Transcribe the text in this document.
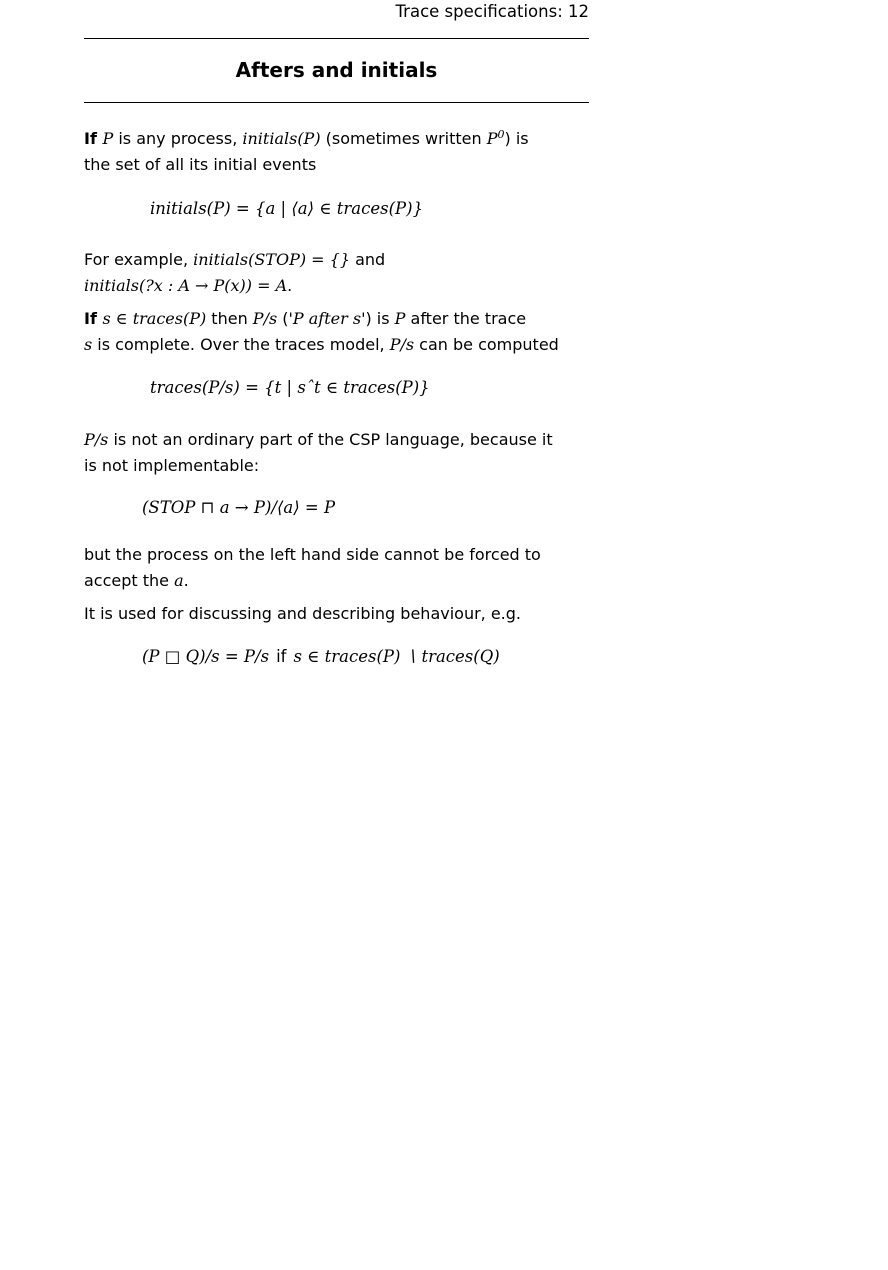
Trace specifications: 12
Afters and initials
If P is any process, initials(P) (sometimes written $P^0$) is
the set of all its initial events
initials(P) = {a | ⟨a⟩ ∈ traces(P)}
For example, initials(STOP) = {} and
initials(?x : A → P(x)) = A.
If s ∈ traces(P) then P/s ('P after s') is P after the trace
s is complete. Over the traces model, P/s can be computed
traces(P/s) = {t | sˆt ∈ traces(P)}
P/s is not an ordinary part of the CSP language, because it
is not implementable:
(STOP ⊓ a → P)/⟨a⟩ = P
but the process on the left hand side cannot be forced to
accept the a.
It is used for discussing and describing behaviour, e.g.
(P □ Q)/s = P/s if s ∈ traces(P) ∖ traces(Q)
